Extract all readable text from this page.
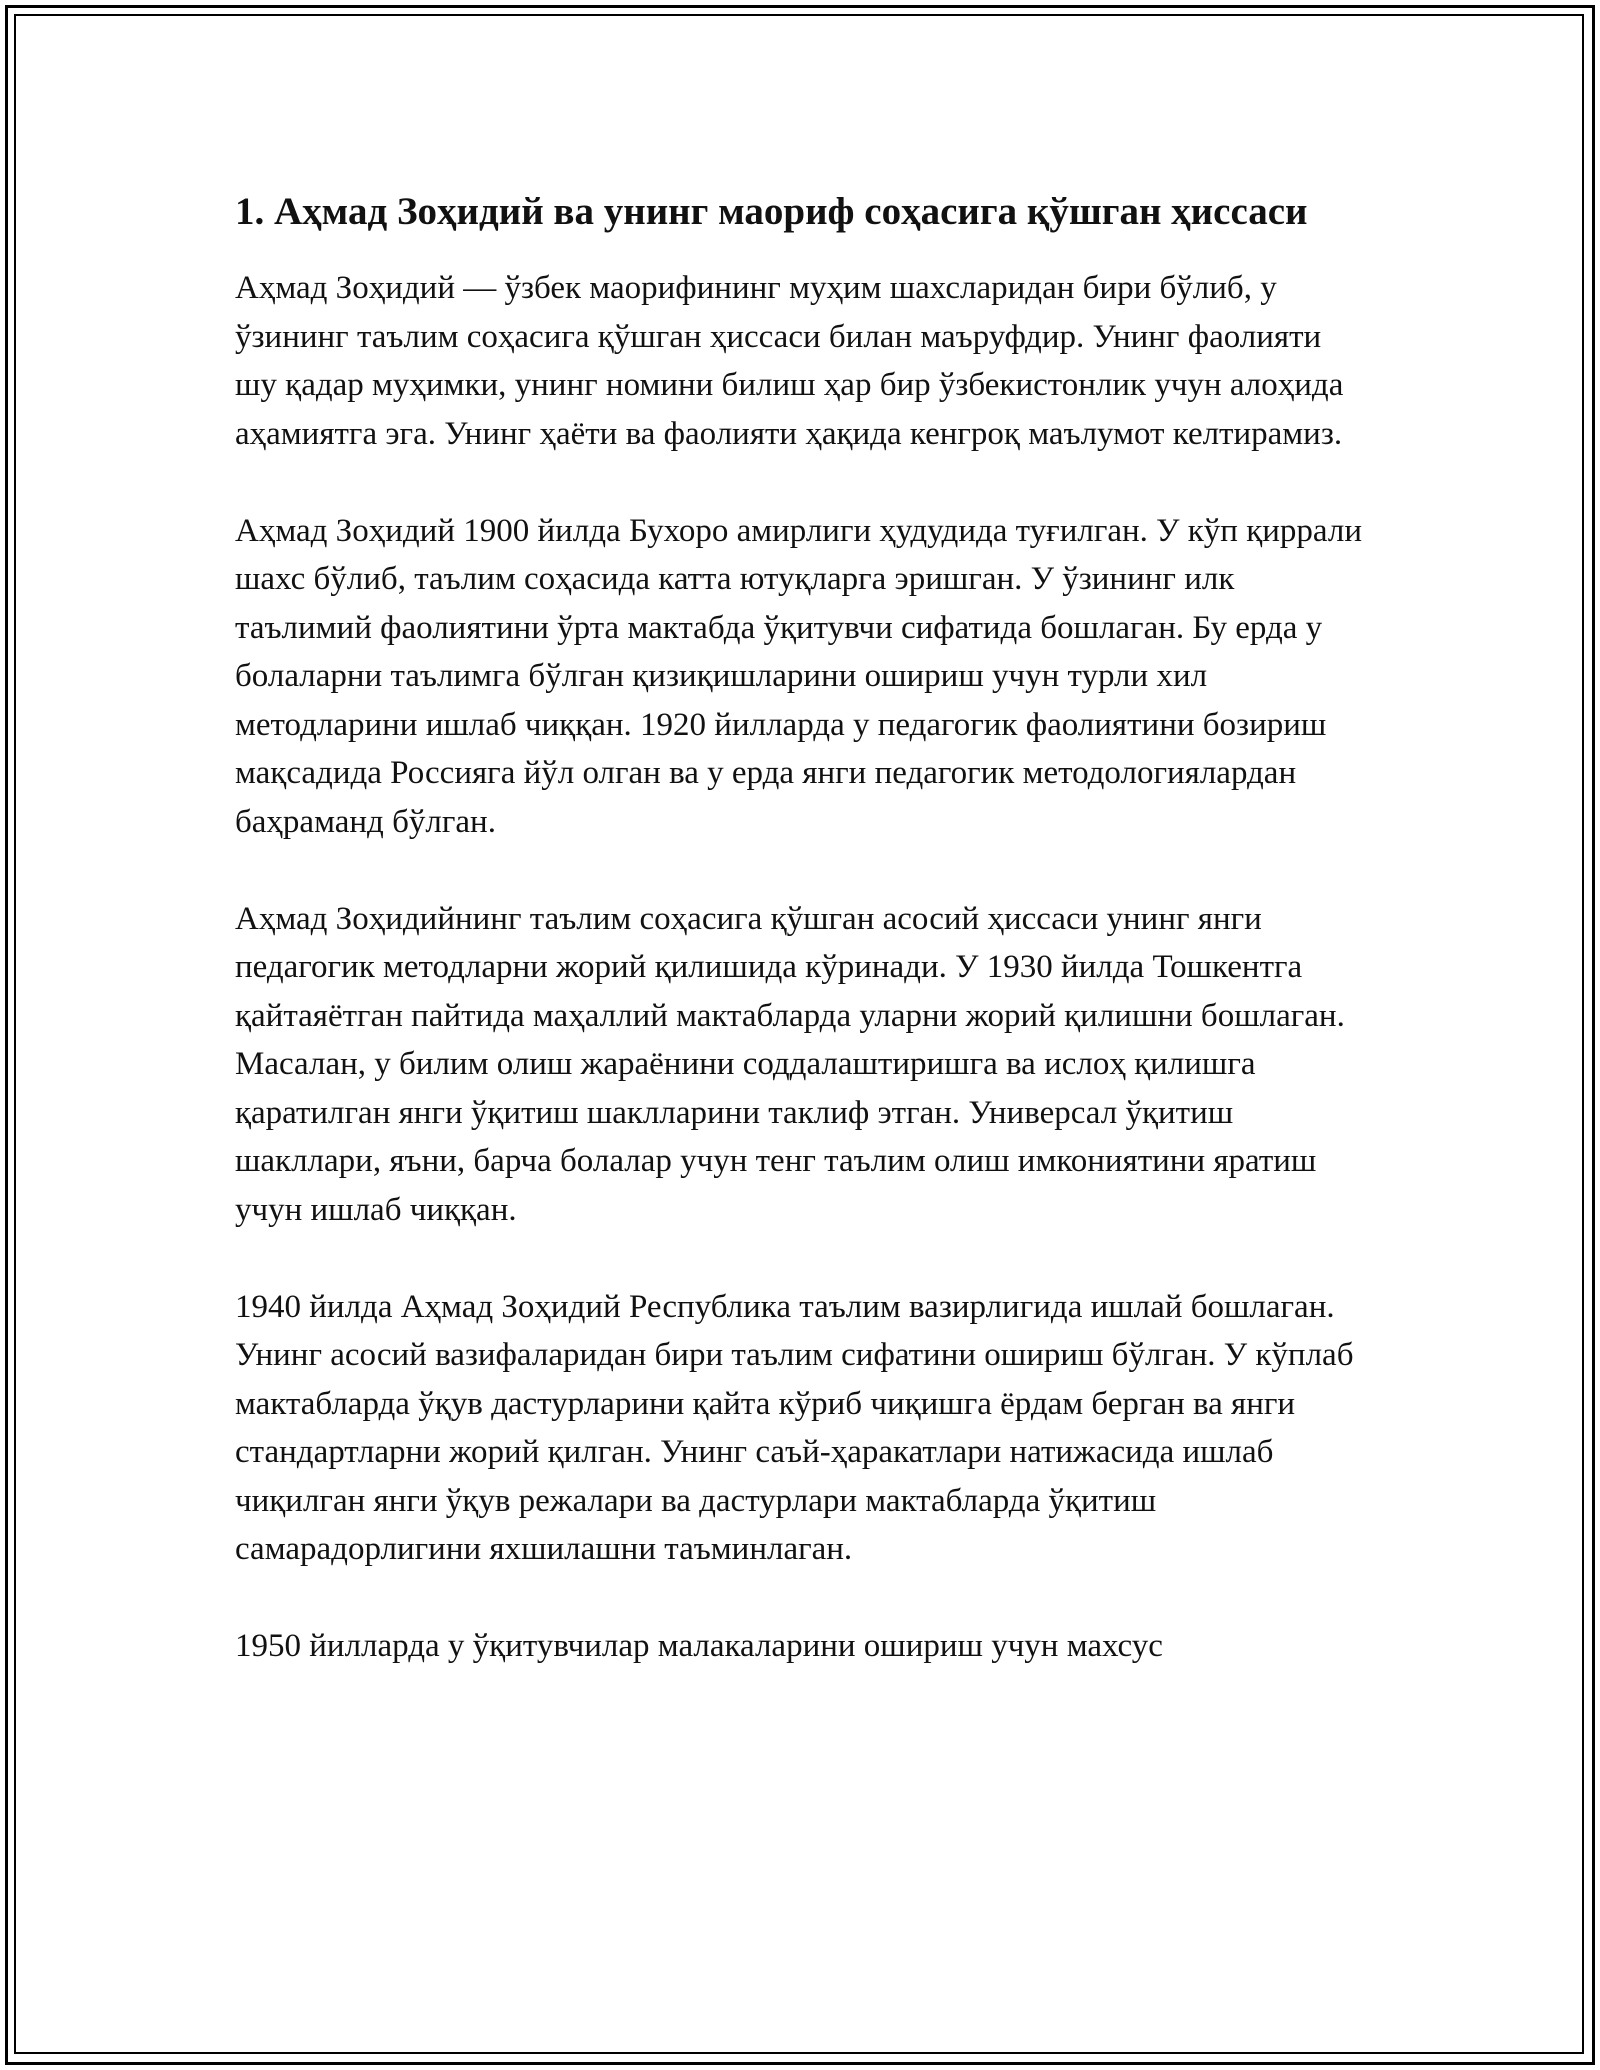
1. Аҳмад Зоҳидий ва унинг маориф соҳасига қўшган ҳиссаси

Аҳмад Зоҳидий — ўзбек маорифининг муҳим шахсларидан бири бўлиб, у ўзининг таълим соҳасига қўшган ҳиссаси билан маъруфдир. Унинг фаолияти шу қадар муҳимки, унинг номини билиш ҳар бир ўзбекистонлик учун алоҳида аҳамиятга эга. Унинг ҳаёти ва фаолияти ҳақида кенгроқ маълумот келтирамиз.

Аҳмад Зоҳидий 1900 йилда Бухоро амирлиги ҳудудида туғилган. У кўп қиррали шахс бўлиб, таълим соҳасида катта ютуқларга эришган. У ўзининг илк таълимий фаолиятини ўрта мактабда ўқитувчи сифатида бошлаган. Бу ерда у болаларни таълимга бўлган қизиқишларини ошириш учун турли хил методларини ишлаб чиққан. 1920 йилларда у педагогик фаолиятини бозириш мақсадида Россияга йўл олган ва у ерда янги педагогик методологиялардан баҳраманд бўлган.

Аҳмад Зоҳидийнинг таълим соҳасига қўшган асосий ҳиссаси унинг янги педагогик методларни жорий қилишида кўринади. У 1930 йилда Тошкентга қайтаяётган пайтида маҳаллий мактабларда уларни жорий қилишни бошлаган. Масалан, у билим олиш жараёнини соддалаштиришга ва ислоҳ қилишга қаратилган янги ўқитиш шаклларини таклиф этган. Универсал ўқитиш шакллари, яъни, барча болалар учун тенг таълим олиш имкониятини яратиш учун ишлаб чиққан.

1940 йилда Аҳмад Зоҳидий Республика таълим вазирлигида ишлай бошлаган. Унинг асосий вазифаларидан бири таълим сифатини ошириш бўлган. У кўплаб мактабларда ўқув дастурларини қайта кўриб чиқишга ёрдам берган ва янги стандартларни жорий қилган. Унинг саъй-ҳаракатлари натижасида ишлаб чиқилган янги ўқув режалари ва дастурлари мактабларда ўқитиш самарадорлигини яхшилашни таъминлаган.

1950 йилларда у ўқитувчилар малакаларини ошириш учун махсус
